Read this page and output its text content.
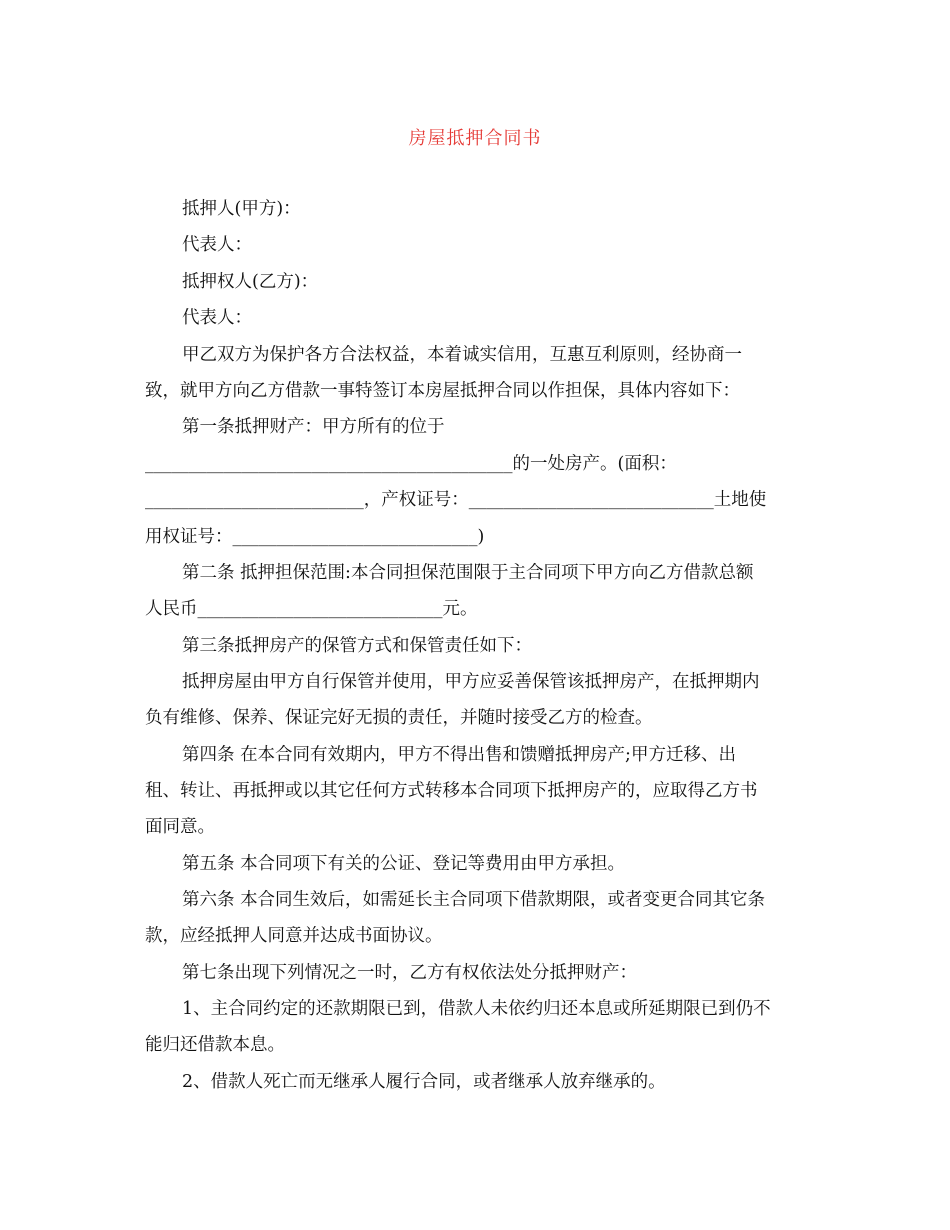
房屋抵押合同书
抵押人(甲方)：
代表人：
抵押权人(乙方)：
代表人：
甲乙双方为保护各方合法权益，本着诚实信用，互惠互利原则，经协商一
致，就甲方向乙方借款一事特签订本房屋抵押合同以作担保，具体内容如下：
第一条抵押财产：甲方所有的位于
__________________________________________的一处房产。(面积：
_________________________，产权证号：____________________________土地使
用权证号：____________________________)
第二条 抵押担保范围:本合同担保范围限于主合同项下甲方向乙方借款总额
人民币____________________________元。
第三条抵押房产的保管方式和保管责任如下：
抵押房屋由甲方自行保管并使用，甲方应妥善保管该抵押房产，在抵押期内
负有维修、保养、保证完好无损的责任，并随时接受乙方的检查。
第四条 在本合同有效期内，甲方不得出售和馈赠抵押房产;甲方迁移、出
租、转让、再抵押或以其它任何方式转移本合同项下抵押房产的，应取得乙方书
面同意。
第五条 本合同项下有关的公证、登记等费用由甲方承担。
第六条 本合同生效后，如需延长主合同项下借款期限，或者变更合同其它条
款，应经抵押人同意并达成书面协议。
第七条出现下列情况之一时，乙方有权依法处分抵押财产：
1、主合同约定的还款期限已到，借款人未依约归还本息或所延期限已到仍不
能归还借款本息。
2、借款人死亡而无继承人履行合同，或者继承人放弃继承的。
